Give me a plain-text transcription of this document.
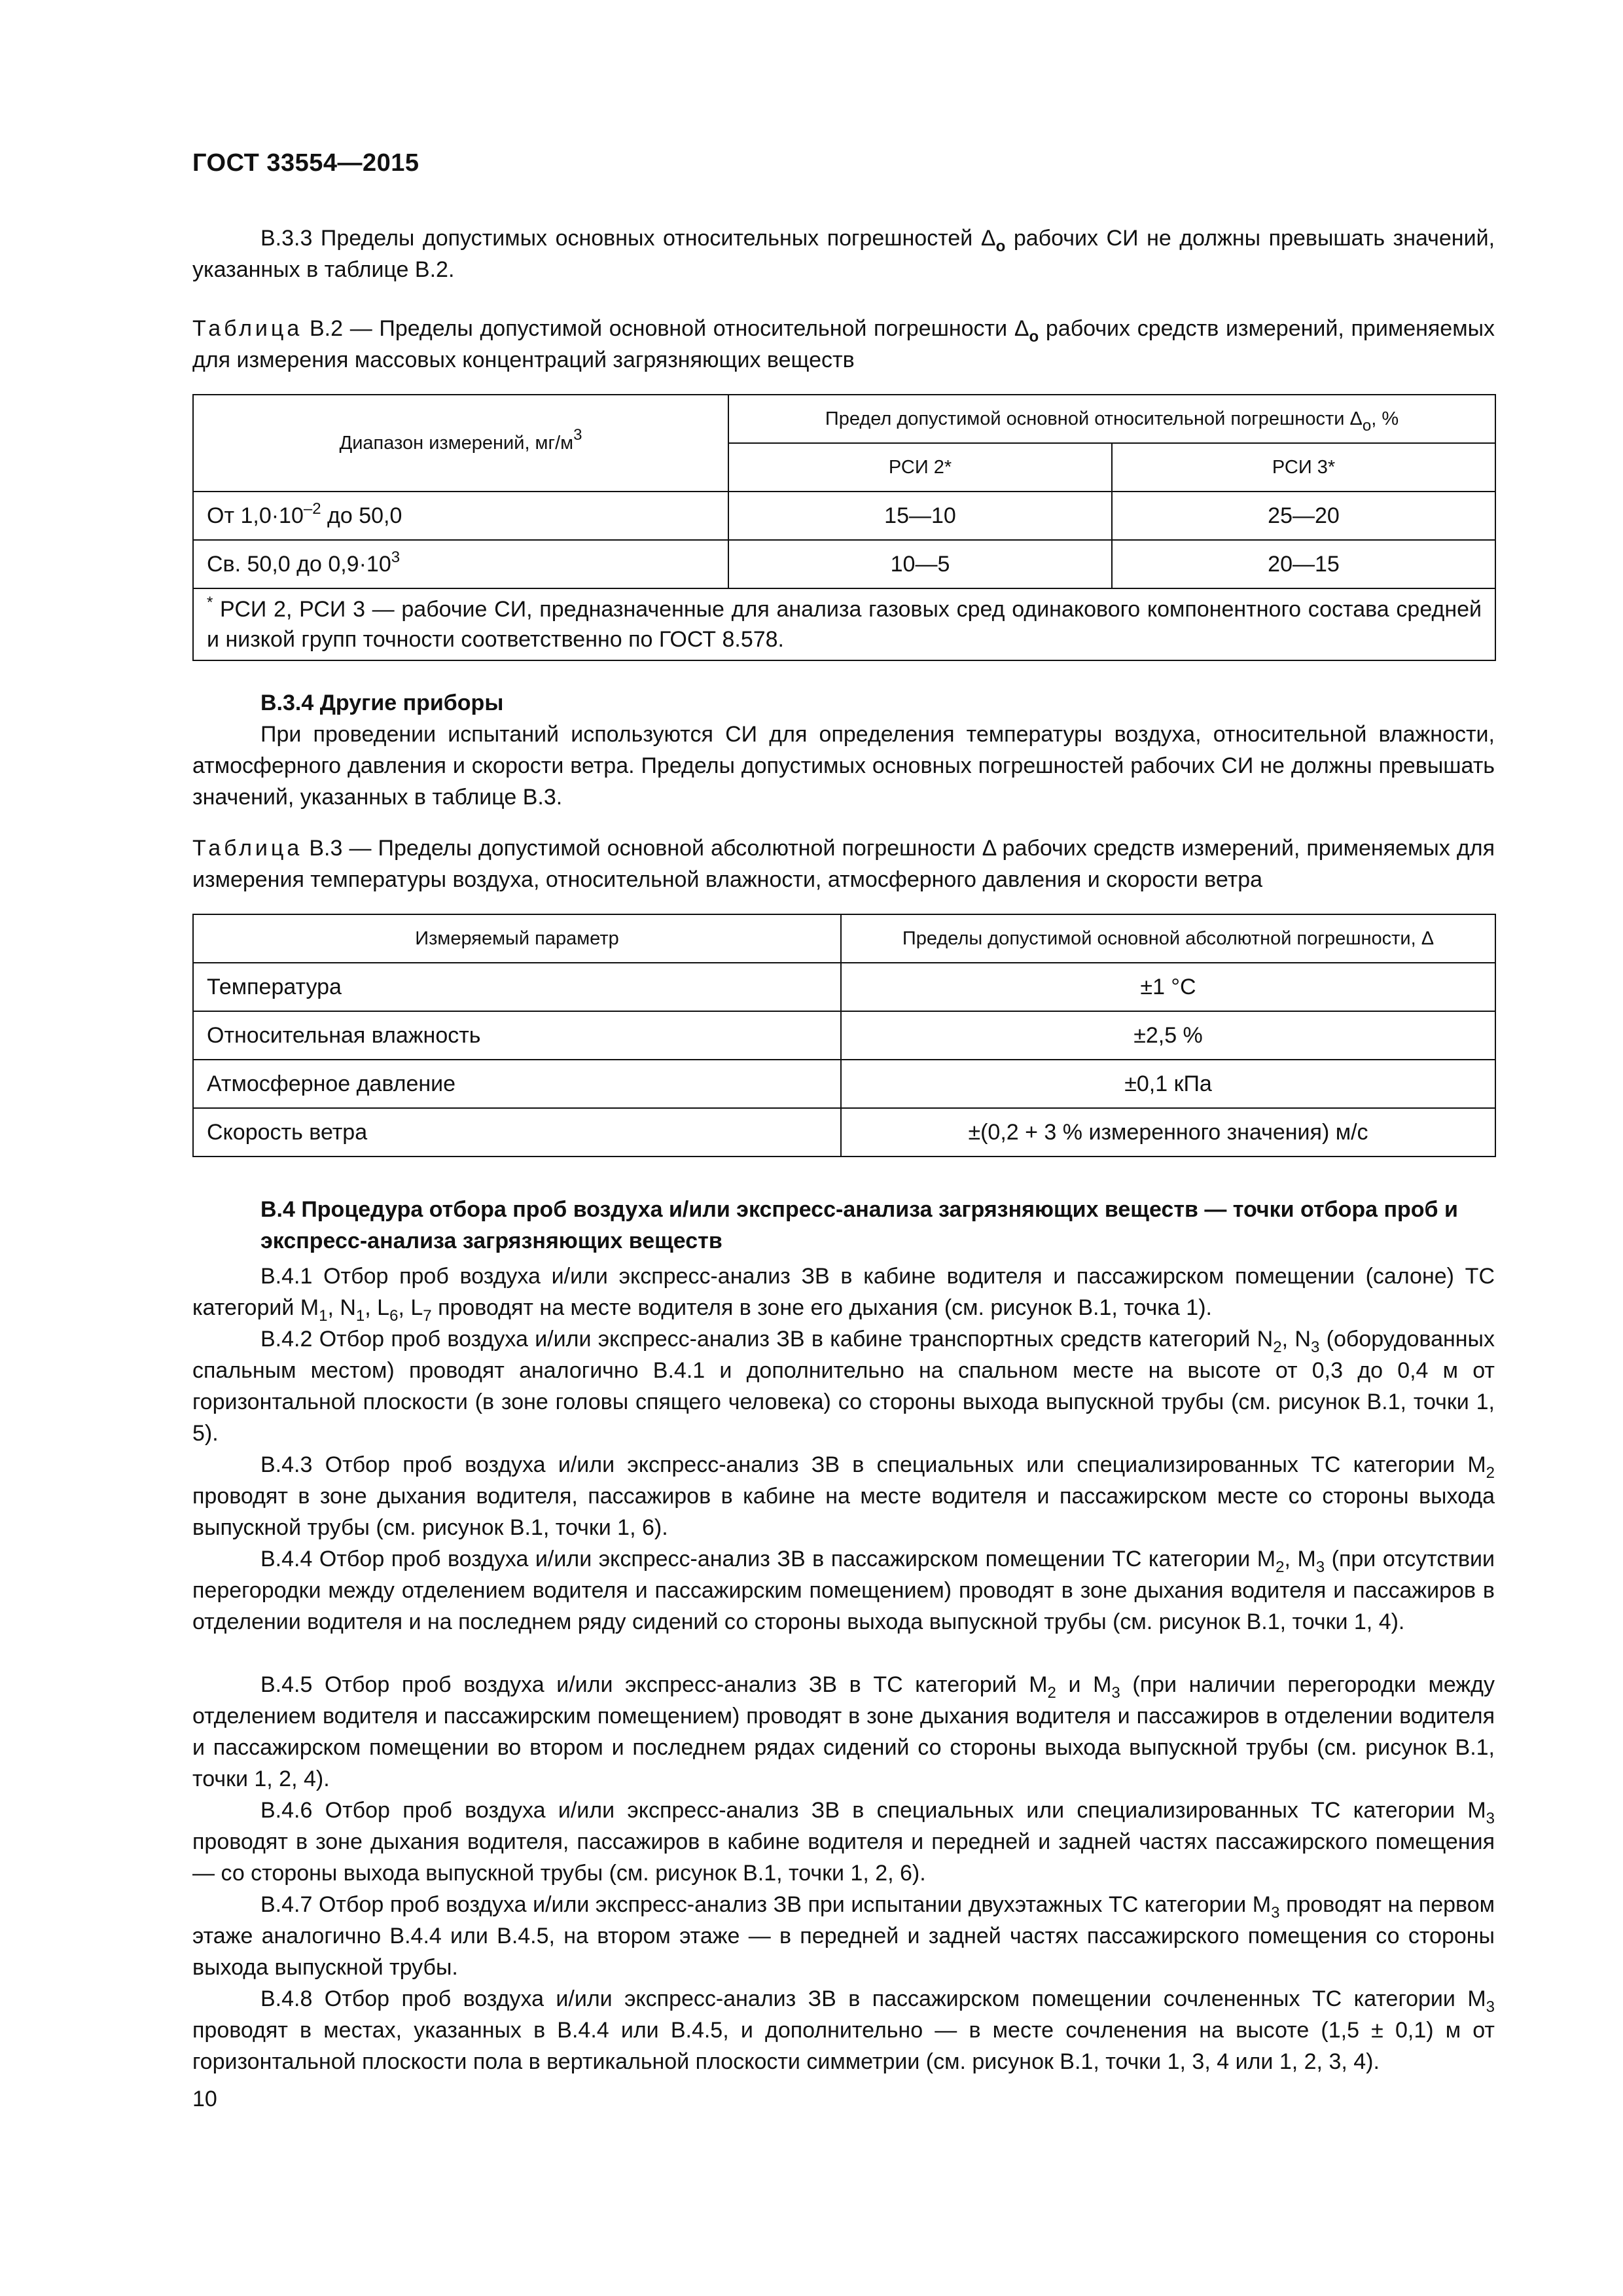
ГОСТ 33554—2015
В.3.3 Пределы допустимых основных относительных погрешностей $\Delta_o$ рабочих СИ не должны превышать значений, указанных в таблице В.2.
Таблица В.2 — Пределы допустимой основной относительной погрешности $\Delta_o$ рабочих средств измерений, применяемых для измерения массовых концентраций загрязняющих веществ
Диапазон измерений, $мг/м^3$	Предел допустимой основной относительной погрешности $\Delta_o$, %	
	РСИ 2*	РСИ 3*
От $1,0\cdot 10^{-2}$ до 50,0	15—10	25—20
Св. 50,0 до $0,9\cdot 10^3$	10—5	20—15
* РСИ 2, РСИ 3 — рабочие СИ, предназначенные для анализа газовых сред одинакового компонентного состава средней и низкой групп точности соответственно по ГОСТ 8.578.		
В.3.4 Другие приборы
При проведении испытаний используются СИ для определения температуры воздуха, относительной влажности, атмосферного давления и скорости ветра. Пределы допустимых основных погрешностей рабочих СИ не должны превышать значений, указанных в таблице В.3.
Таблица В.3 — Пределы допустимой основной абсолютной погрешности Δ рабочих средств измерений, применяемых для измерения температуры воздуха, относительной влажности, атмосферного давления и скорости ветра
Измеряемый параметр	Пределы допустимой основной абсолютной погрешности, Δ
Температура	±1 °С
Относительная влажность	±2,5 %
Атмосферное давление	±0,1 кПа
Скорость ветра	±(0,2 + 3 % измеренного значения) м/с
В.4 Процедура отбора проб воздуха и/или экспресс-анализа загрязняющих веществ — точки отбора проб и экспресс-анализа загрязняющих веществ
В.4.1 Отбор проб воздуха и/или экспресс-анализ ЗВ в кабине водителя и пассажирском помещении (салоне) ТС категорий $M_1$, $N_1$, $L_6$, $L_7$ проводят на месте водителя в зоне его дыхания (см. рисунок В.1, точка 1).
В.4.2 Отбор проб воздуха и/или экспресс-анализ ЗВ в кабине транспортных средств категорий $N_2$, $N_3$ (оборудованных спальным местом) проводят аналогично В.4.1 и дополнительно на спальном месте на высоте от 0,3 до 0,4 м от горизонтальной плоскости (в зоне головы спящего человека) со стороны выхода выпускной трубы (см. рисунок В.1, точки 1, 5).
В.4.3 Отбор проб воздуха и/или экспресс-анализ ЗВ в специальных или специализированных ТС категории $M_2$ проводят в зоне дыхания водителя, пассажиров в кабине на месте водителя и пассажирском месте со стороны выхода выпускной трубы (см. рисунок В.1, точки 1, 6).
В.4.4 Отбор проб воздуха и/или экспресс-анализ ЗВ в пассажирском помещении ТС категории $M_2$, $M_3$ (при отсутствии перегородки между отделением водителя и пассажирским помещением) проводят в зоне дыхания водителя и пассажиров в отделении водителя и на последнем ряду сидений со стороны выхода выпускной трубы (см. рисунок В.1, точки 1, 4).
В.4.5 Отбор проб воздуха и/или экспресс-анализ ЗВ в ТС категорий $M_2$ и $M_3$ (при наличии перегородки между отделением водителя и пассажирским помещением) проводят в зоне дыхания водителя и пассажиров в отделении водителя и пассажирском помещении во втором и последнем рядах сидений со стороны выхода выпускной трубы (см. рисунок В.1, точки 1, 2, 4).
В.4.6 Отбор проб воздуха и/или экспресс-анализ ЗВ в специальных или специализированных ТС категории $M_3$ проводят в зоне дыхания водителя, пассажиров в кабине водителя и передней и задней частях пассажирского помещения — со стороны выхода выпускной трубы (см. рисунок В.1, точки 1, 2, 6).
В.4.7 Отбор проб воздуха и/или экспресс-анализ ЗВ при испытании двухэтажных ТС категории $M_3$ проводят на первом этаже аналогично В.4.4 или В.4.5, на втором этаже — в передней и задней частях пассажирского помещения со стороны выхода выпускной трубы.
В.4.8 Отбор проб воздуха и/или экспресс-анализ ЗВ в пассажирском помещении сочлененных ТС категории $M_3$ проводят в местах, указанных в В.4.4 или В.4.5, и дополнительно — в месте сочленения на высоте (1,5 ± 0,1) м от горизонтальной плоскости пола в вертикальной плоскости симметрии (см. рисунок В.1, точки 1, 3, 4 или 1, 2, 3, 4).
10
